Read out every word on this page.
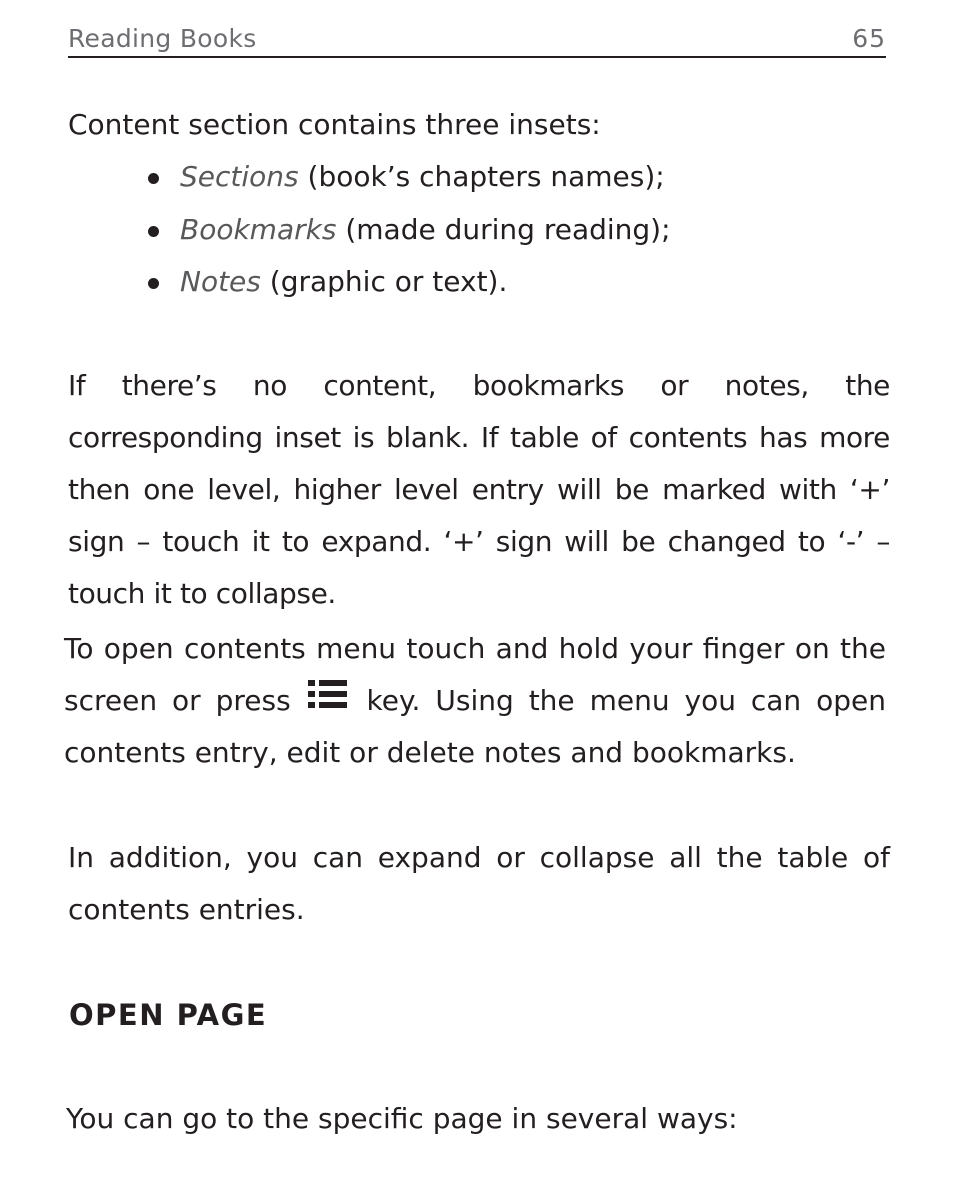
Reading Books	65

Content section contains three insets:

Sections (book’s chapters names);
Bookmarks (made during reading);
Notes (graphic or text).

If there’s no content, bookmarks or notes, the corresponding inset is blank. If table of contents has more then one level, higher level entry will be marked with ‘+’ sign – touch it to expand. ‘+’ sign will be changed to ‘-’ – touch it to collapse.

To open contents menu touch and hold your finger on the screen or press
key. Using the menu you can open contents entry, edit or delete notes and bookmarks.

In addition, you can expand or collapse all the table of contents entries.

OPEN PAGE

You can go to the specific page in several ways:
